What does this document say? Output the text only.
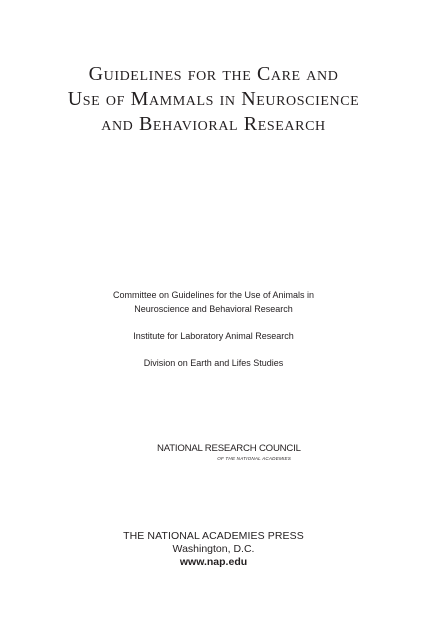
Guidelines for the Care and
Use of Mammals in Neuroscience
and Behavioral Research

Committee on Guidelines for the Use of Animals in

Neuroscience and Behavioral Research

Institute for Laboratory Animal Research

Division on Earth and Lifes Studies

NATIONAL RESEARCH COUNCIL
OF THE NATIONAL ACADEMIES
THE NATIONAL ACADEMIES PRESS
Washington, D.C.
www.nap.edu
